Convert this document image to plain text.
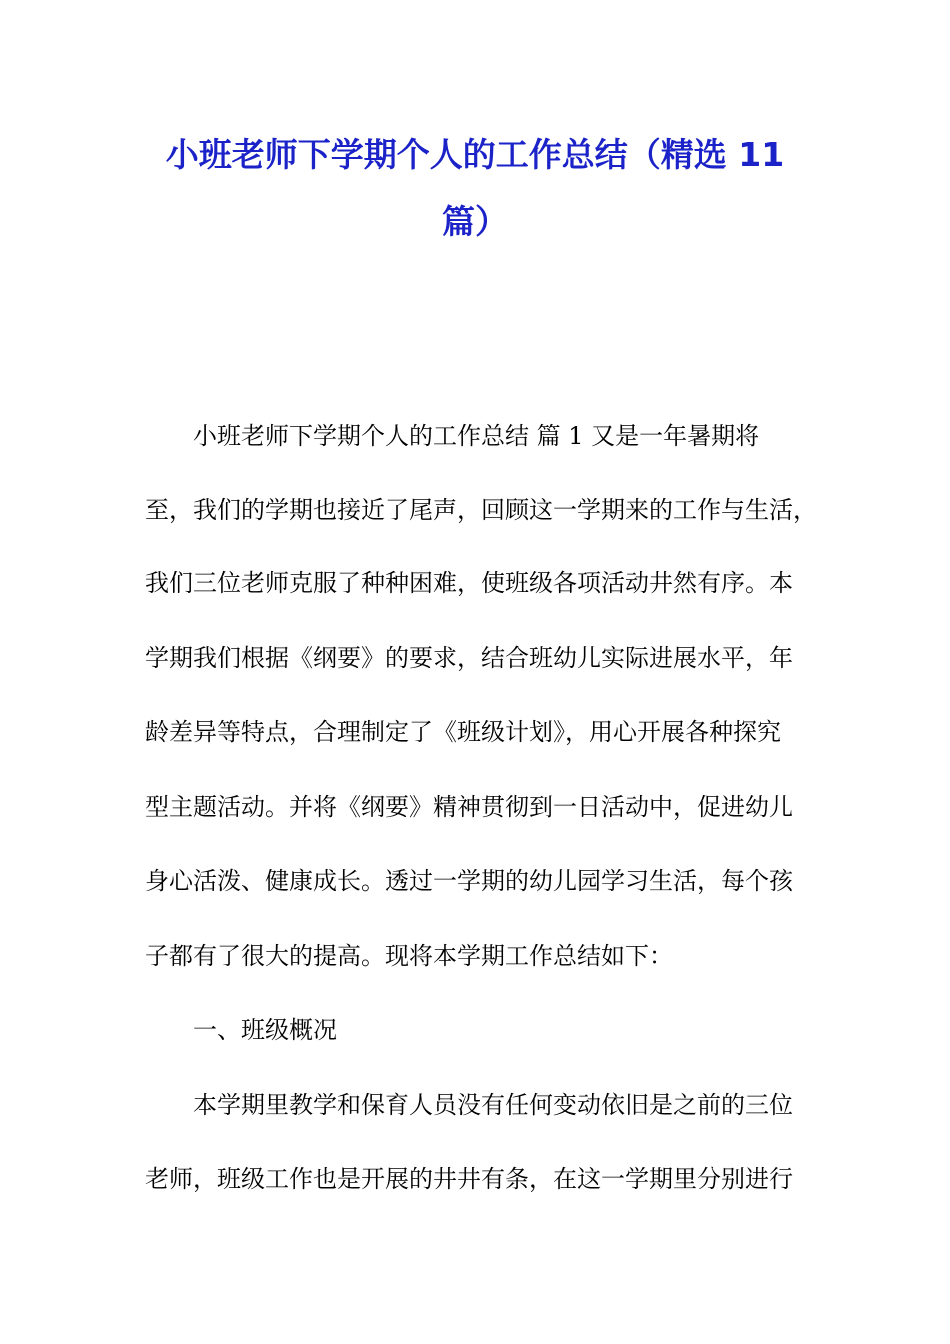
小班老师下学期个人的工作总结（精选 11
篇）
小班老师下学期个人的工作总结 篇 1 又是一年暑期将
至，我们的学期也接近了尾声，回顾这一学期来的工作与生活，
我们三位老师克服了种种困难，使班级各项活动井然有序。本
学期我们根据《纲要》的要求，结合班幼儿实际进展水平，年
龄差异等特点，合理制定了《班级计划》，用心开展各种探究
型主题活动。并将《纲要》精神贯彻到一日活动中，促进幼儿
身心活泼、健康成长。透过一学期的幼儿园学习生活，每个孩
子都有了很大的提高。现将本学期工作总结如下：
一、班级概况
本学期里教学和保育人员没有任何变动依旧是之前的三位
老师，班级工作也是开展的井井有条，在这一学期里分别进行
